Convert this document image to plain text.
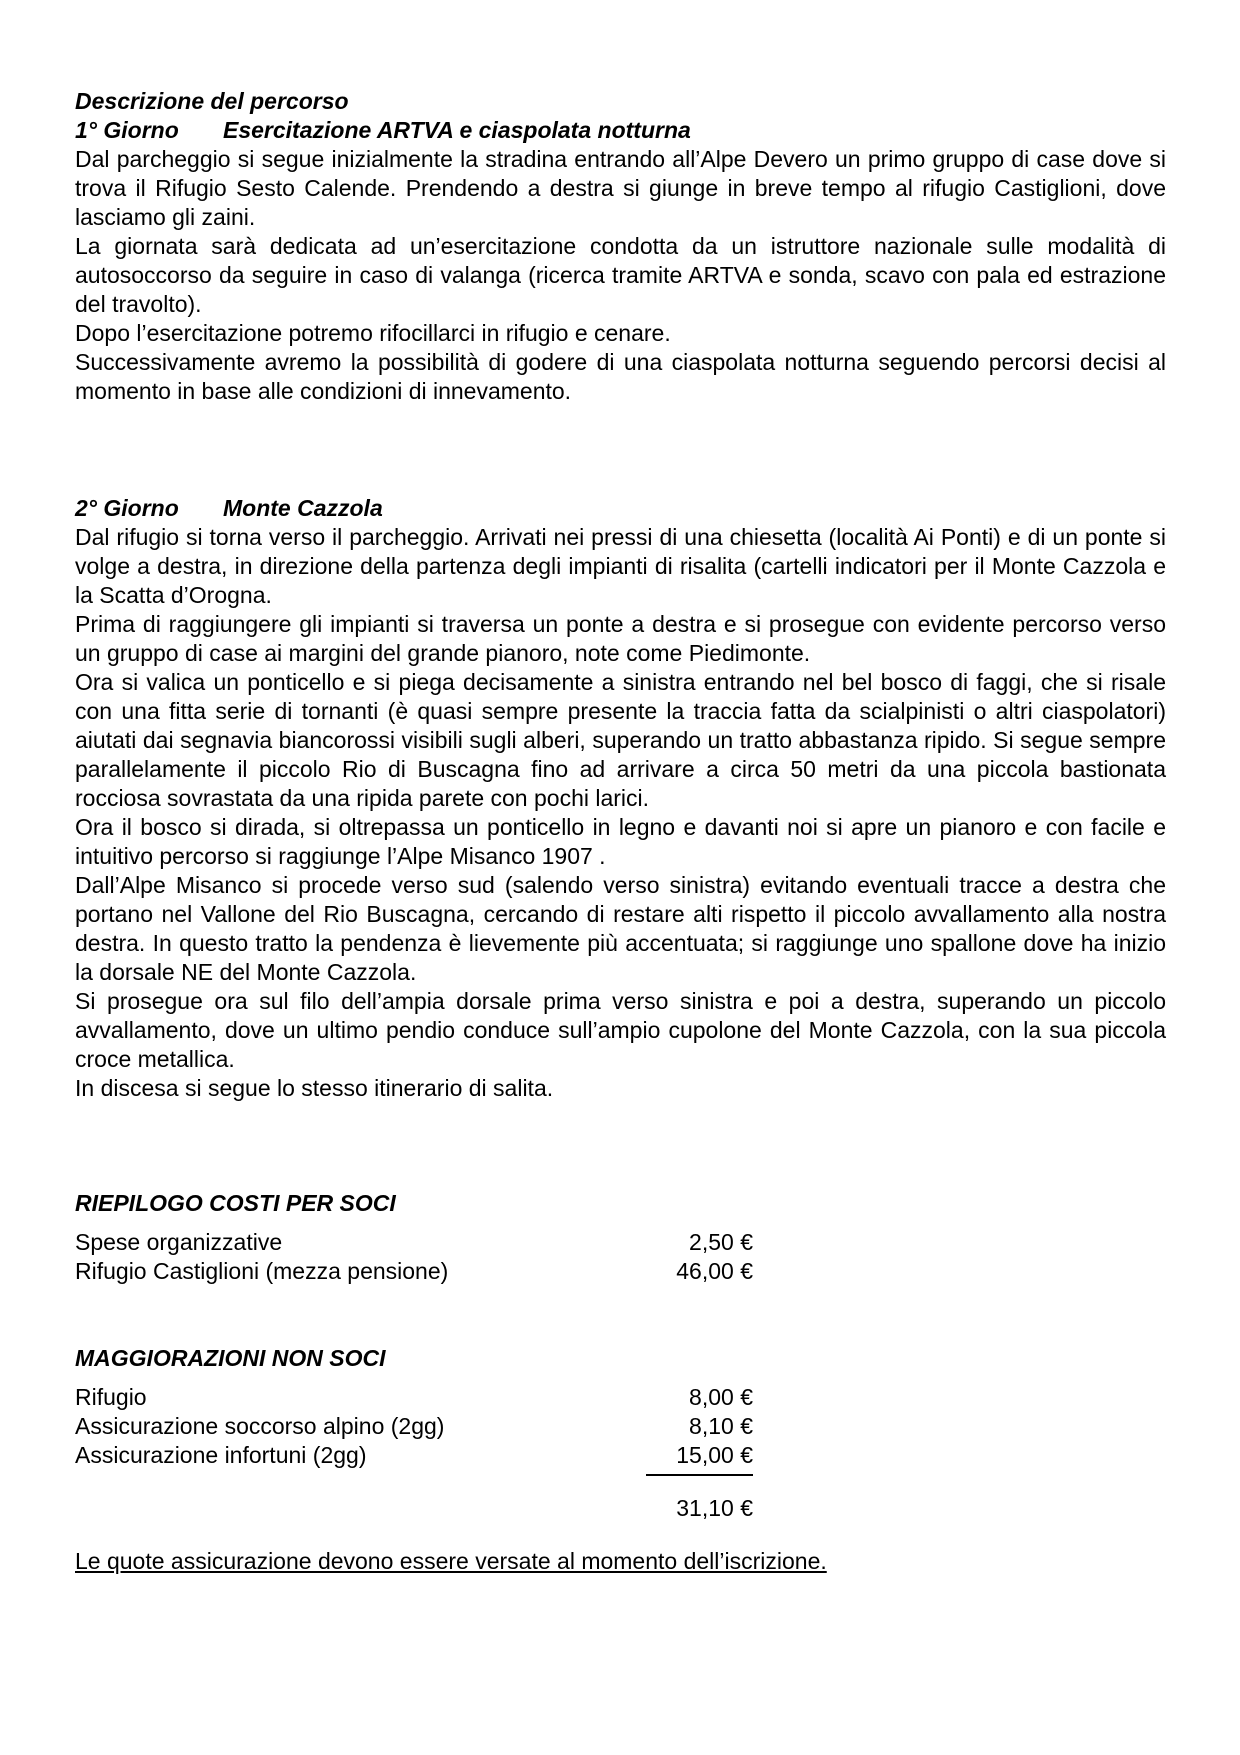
Descrizione del percorso
1° Giorno Esercitazione ARTVA e ciaspolata notturna

Dal parcheggio si segue inizialmente la stradina entrando all’Alpe Devero un primo gruppo di case dove si trova il Rifugio Sesto Calende. Prendendo a destra si giunge in breve tempo al rifugio Castiglioni, dove lasciamo gli zaini.

La giornata sarà dedicata ad un’esercitazione condotta da un istruttore nazionale sulle modalità di autosoccorso da seguire in caso di valanga (ricerca tramite ARTVA e sonda, scavo con pala ed estrazione del travolto).

Dopo l’esercitazione potremo rifocillarci in rifugio e cenare.

Successivamente avremo la possibilità di godere di una ciaspolata notturna seguendo percorsi decisi al momento in base alle condizioni di innevamento.

2° Giorno Monte Cazzola

Dal rifugio si torna verso il parcheggio. Arrivati nei pressi di una chiesetta (località Ai Ponti) e di un ponte si volge a destra, in direzione della partenza degli impianti di risalita (cartelli indicatori per il Monte Cazzola e la Scatta d’Orogna.

Prima di raggiungere gli impianti si traversa un ponte a destra e si prosegue con evidente percorso verso un gruppo di case ai margini del grande pianoro, note come Piedimonte.

Ora si valica un ponticello e si piega decisamente a sinistra entrando nel bel bosco di faggi, che si risale con una fitta serie di tornanti (è quasi sempre presente la traccia fatta da scialpinisti o altri ciaspolatori) aiutati dai segnavia biancorossi visibili sugli alberi, superando un tratto abbastanza ripido. Si segue sempre parallelamente il piccolo Rio di Buscagna fino ad arrivare a circa 50 metri da una piccola bastionata rocciosa sovrastata da una ripida parete con pochi larici.

Ora il bosco si dirada, si oltrepassa un ponticello in legno e davanti noi si apre un pianoro e con facile e intuitivo percorso si raggiunge l’Alpe Misanco 1907 .

Dall’Alpe Misanco si procede verso sud (salendo verso sinistra) evitando eventuali tracce a destra che portano nel Vallone del Rio Buscagna, cercando di restare alti rispetto il piccolo avvallamento alla nostra destra. In questo tratto la pendenza è lievemente più accentuata; si raggiunge uno spallone dove ha inizio la dorsale NE del Monte Cazzola.

Si prosegue ora sul filo dell’ampia dorsale prima verso sinistra e poi a destra, superando un piccolo avvallamento, dove un ultimo pendio conduce sull’ampio cupolone del Monte Cazzola, con la sua piccola croce metallica.

In discesa si segue lo stesso itinerario di salita.

RIEPILOGO COSTI PER SOCI
Spese organizzative	2,50 €
Rifugio Castiglioni (mezza pensione)	46,00 €
MAGGIORAZIONI NON SOCI
Rifugio	8,00 €
Assicurazione soccorso alpino (2gg)	8,10 €
Assicurazione infortuni (2gg)	15,00 €
31,10 €

Le quote assicurazione devono essere versate al momento dell’iscrizione.
